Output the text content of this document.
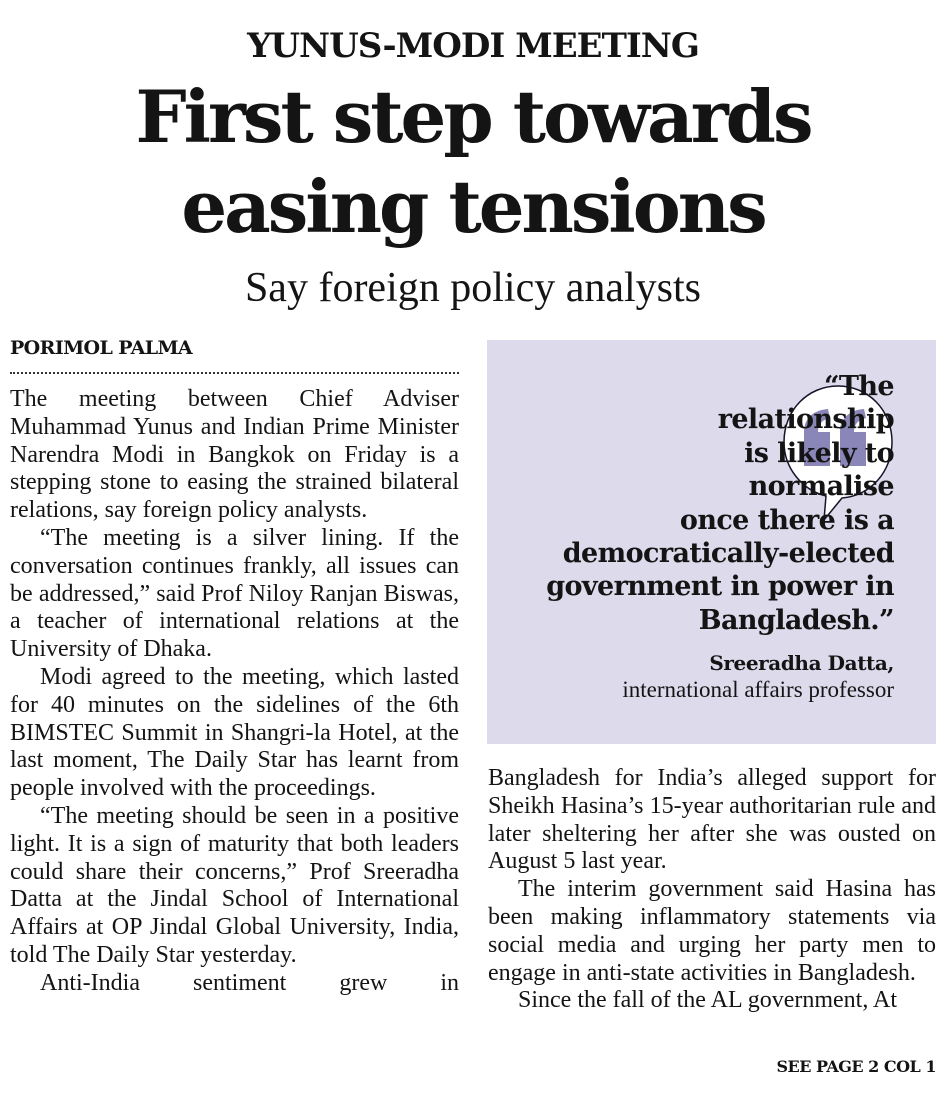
YUNUS-MODI MEETING
First step towards
easing tensions
Say foreign policy analysts
PORIMOL PALMA

The meeting between Chief Adviser Muhammad Yunus and Indian Prime Minister Narendra Modi in Bangkok on Friday is a stepping stone to easing the strained bilateral relations, say foreign policy analysts.

“The meeting is a silver lining. If the conversation continues frankly, all issues can be addressed,” said Prof Niloy Ranjan Biswas, a teacher of international relations at the University of Dhaka.

Modi agreed to the meeting, which lasted for 40 minutes on the sidelines of the 6th BIMSTEC Summit in Shangri-la Hotel, at the last moment, The Daily Star has learnt from people involved with the proceedings.

“The meeting should be seen in a positive light. It is a sign of maturity that both leaders could share their concerns,” Prof Sreeradha Datta at the Jindal School of International Affairs at OP Jindal Global University, India, told The Daily Star yesterday.

Anti-India sentiment grew in

“The
relationship
is likely to
normalise
once there is a
democratically-elected
government in power in
Bangladesh.”
Sreeradha Datta,
international affairs professor

Bangladesh for India’s alleged support for Sheikh Hasina’s 15-year authoritarian rule and later sheltering her after she was ousted on August 5 last year.

The interim government said Hasina has been making inflammatory statements via social media and urging her party men to engage in anti-state activities in Bangladesh.

Since the fall of the AL government, At

SEE PAGE 2 COL 1
